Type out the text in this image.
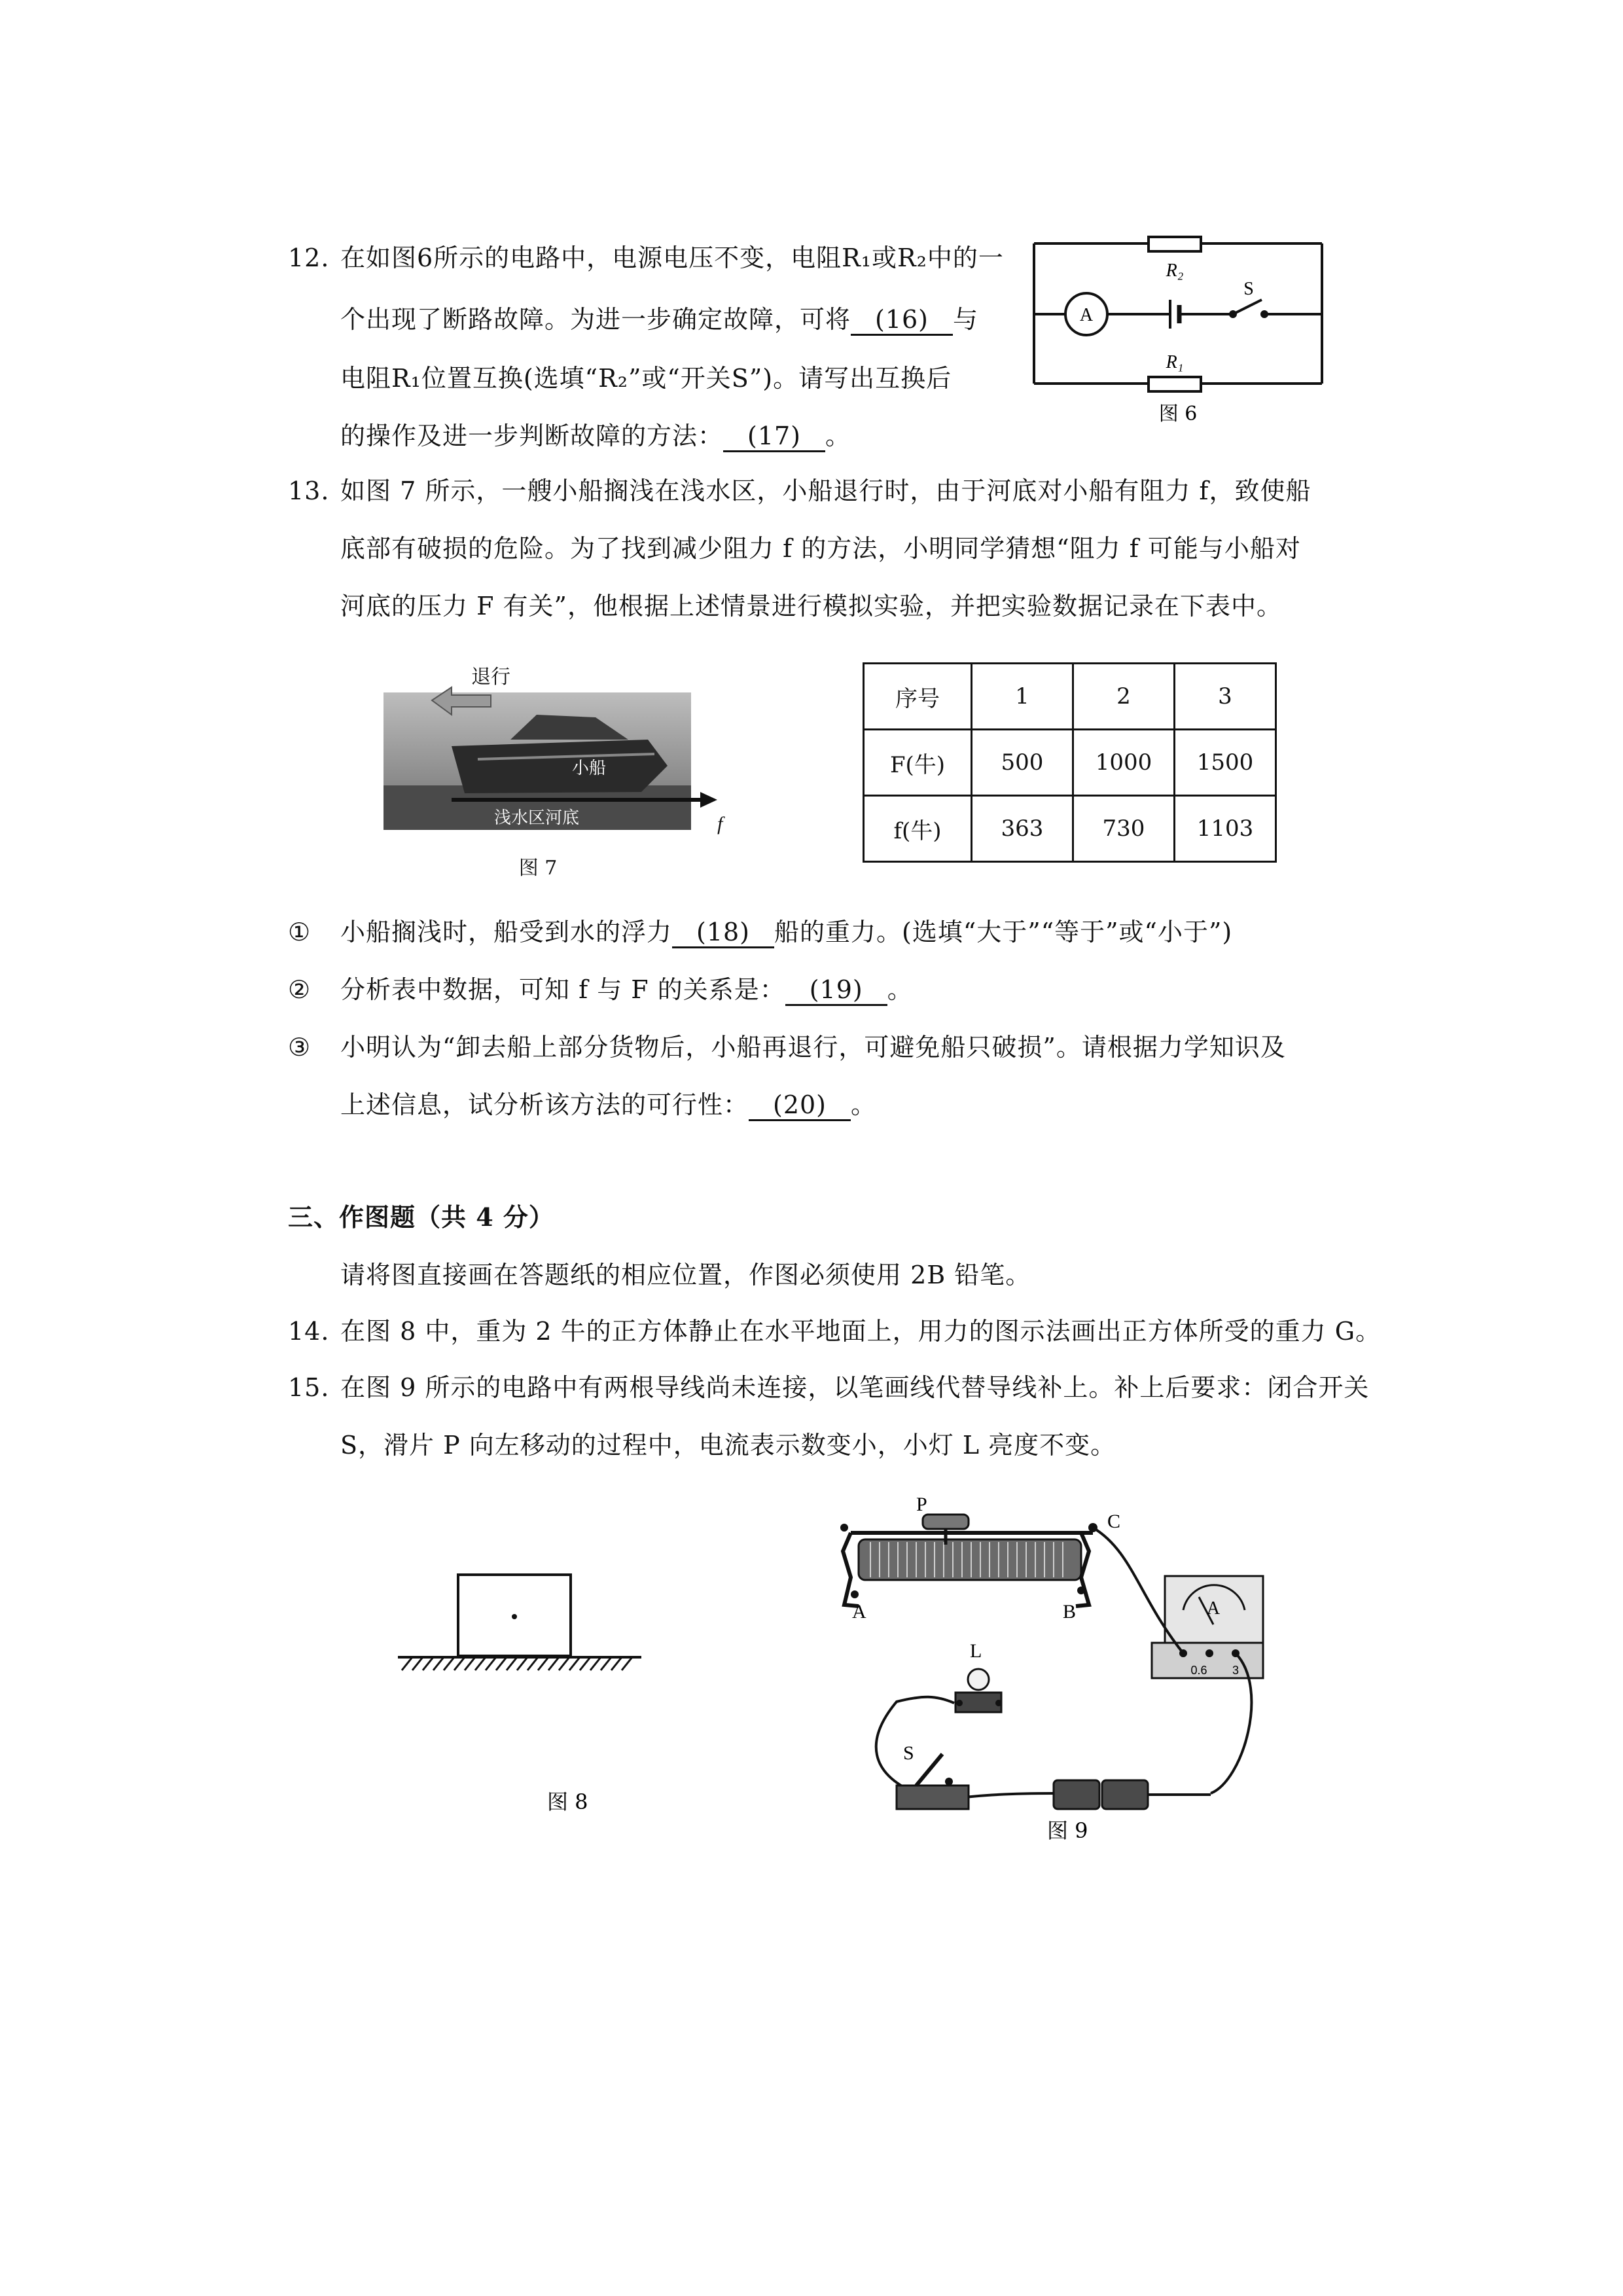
12. 在如图6所示的电路中，电源电压不变，电阻R₁或R₂中的一
个出现了断路故障。为进一步确定故障，可将 (16) 与
电阻R₁位置互换(选填“R₂”或“开关S”)。请写出互换后
的操作及进一步判断故障的方法： (17) 。
R₂
R₁
A
S
图 6
13. 如图 7 所示，一艘小船搁浅在浅水区，小船退行时，由于河底对小船有阻力 f，致使船
底部有破损的危险。为了找到减少阻力 f 的方法，小明同学猜想“阻力 f 可能与小船对
河底的压力 F 有关”，他根据上述情景进行模拟实验，并把实验数据记录在下表中。
退行
小船
浅水区河底	f
图 7
序号	1	2	3
F(牛)	500	1000	1500
f(牛)	363	730	1103
① 小船搁浅时，船受到水的浮力 (18) 船的重力。(选填“大于”“等于”或“小于”)
② 分析表中数据，可知 f 与 F 的关系是： (19) 。
③ 小明认为“卸去船上部分货物后，小船再退行，可避免船只破损”。请根据力学知识及
上述信息，试分析该方法的可行性： (20) 。
三、作图题（共 4 分）
请将图直接画在答题纸的相应位置，作图必须使用 2B 铅笔。
14. 在图 8 中，重为 2 牛的正方体静止在水平地面上，用力的图示法画出正方体所受的重力 G。
15. 在图 9 所示的电路中有两根导线尚未连接，以笔画线代替导线补上。补上后要求：闭合开关
S，滑片 P 向左移动的过程中，电流表示数变小，小灯 L 亮度不变。
图 8
P
C
A	B	A
0.6 3
L
S
图 9
